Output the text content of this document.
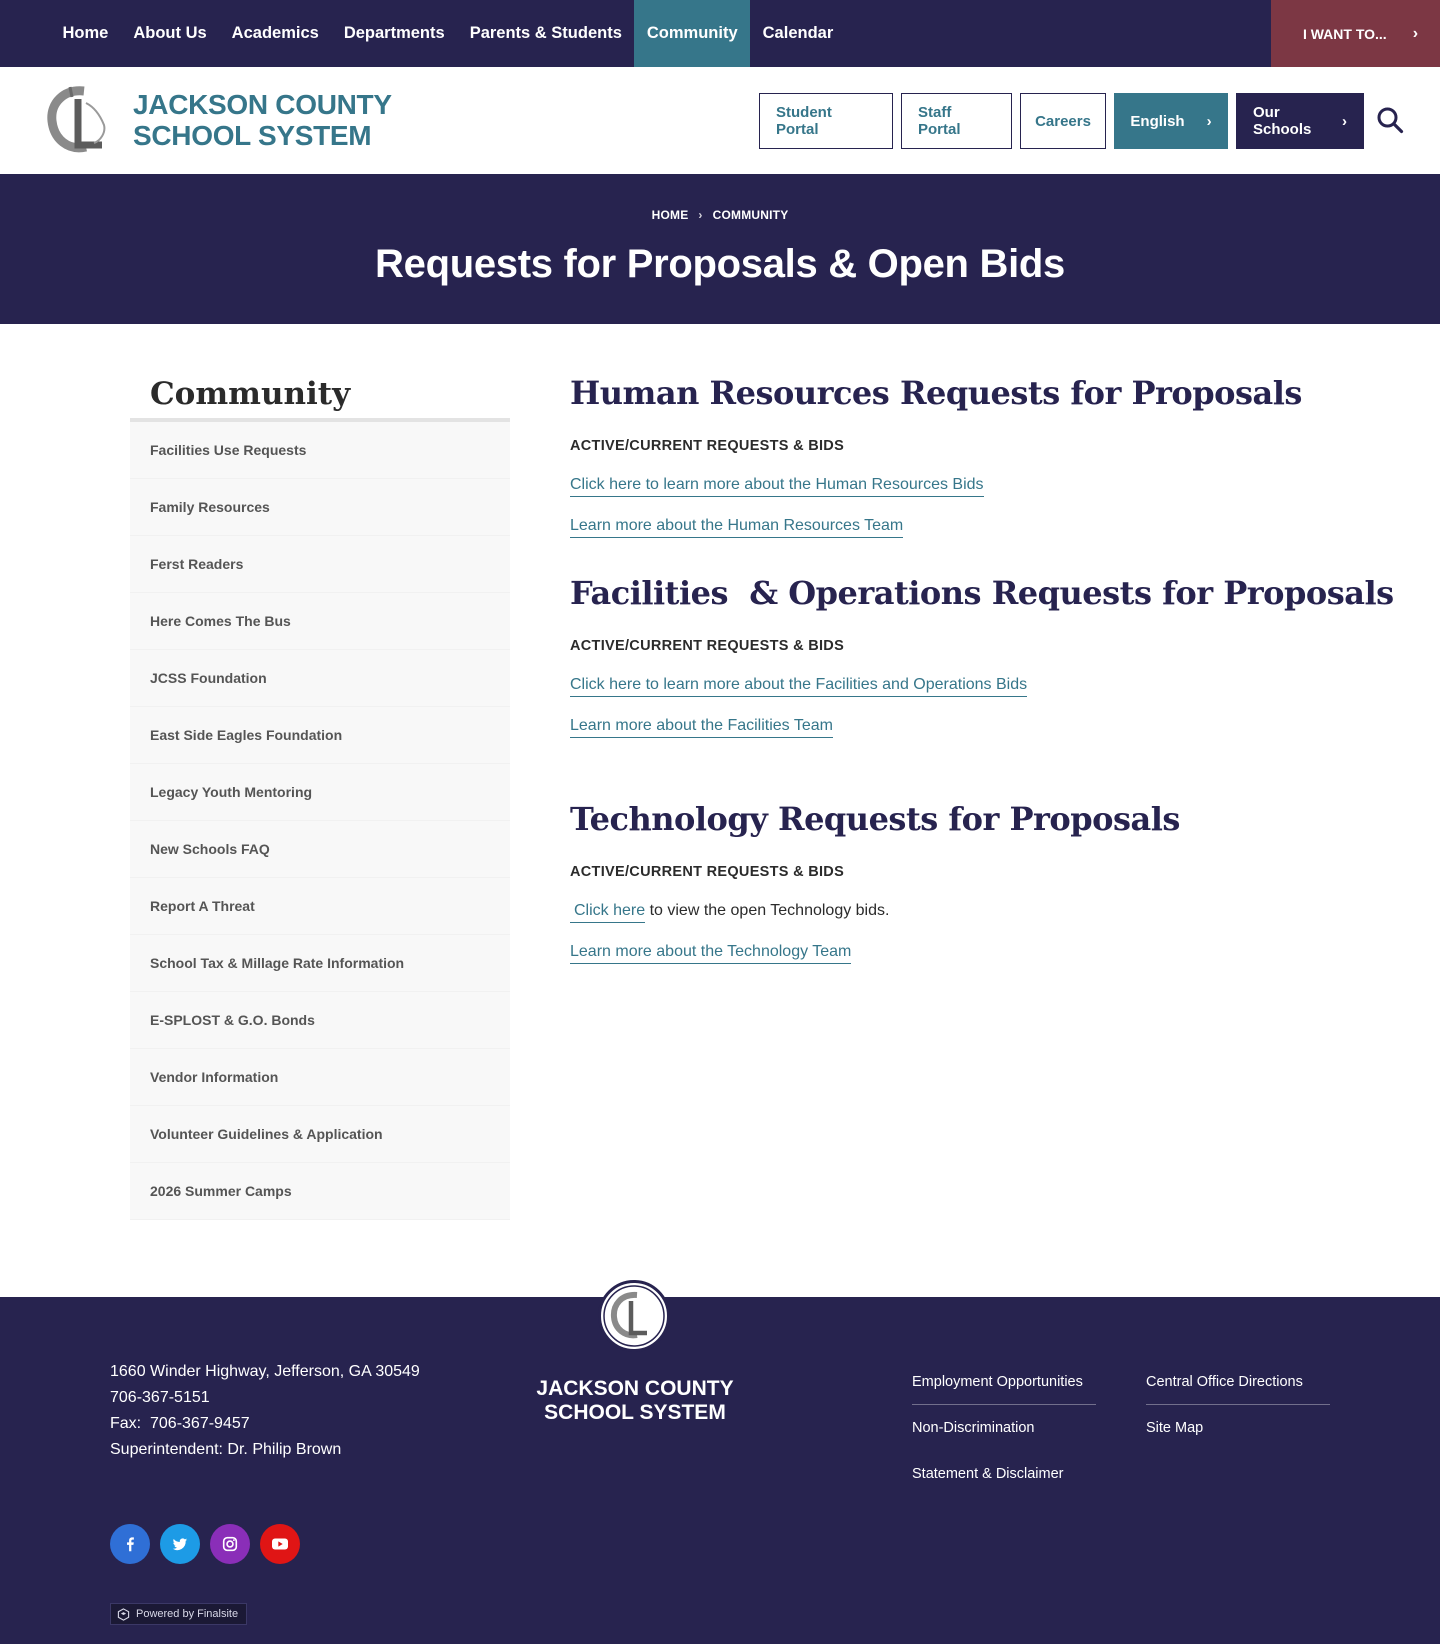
Home	About Us	Academics	Departments	Parents & Students	Community	Calendar	I WANT TO... ›
JACKSON COUNTY
SCHOOL SYSTEM
Student Portal
Staff Portal	Careers	English ›	Our Schools	›
HOME › COMMUNITY
Requests for Proposals & Open Bids
Community
Facilities Use Requests
Family Resources
Ferst Readers
Here Comes The Bus
JCSS Foundation
East Side Eagles Foundation
Legacy Youth Mentoring
New Schools FAQ
Report A Threat
School Tax & Millage Rate Information
E-SPLOST & G.O. Bonds
Vendor Information
Volunteer Guidelines & Application
2026 Summer Camps
Human Resources Requests for Proposals
ACTIVE/CURRENT REQUESTS & BIDS
Click here to learn more about the Human Resources Bids
Learn more about the Human Resources Team
Facilities  & Operations Requests for Proposals
ACTIVE/CURRENT REQUESTS & BIDS
Click here to learn more about the Facilities and Operations Bids
Learn more about the Facilities Team
Technology Requests for Proposals
ACTIVE/CURRENT REQUESTS & BIDS
Click here to view the open Technology bids.
Learn more about the Technology Team
JACKSON COUNTY
SCHOOL SYSTEM
1660 Winder Highway, Jefferson, GA 30549
706-367-5151
Fax:  706-367-9457
Superintendent: Dr. Philip Brown
Employment Opportunities	Central Office Directions
Non-Discrimination	Site Map
Statement & Disclaimer
Powered by Finalsite
